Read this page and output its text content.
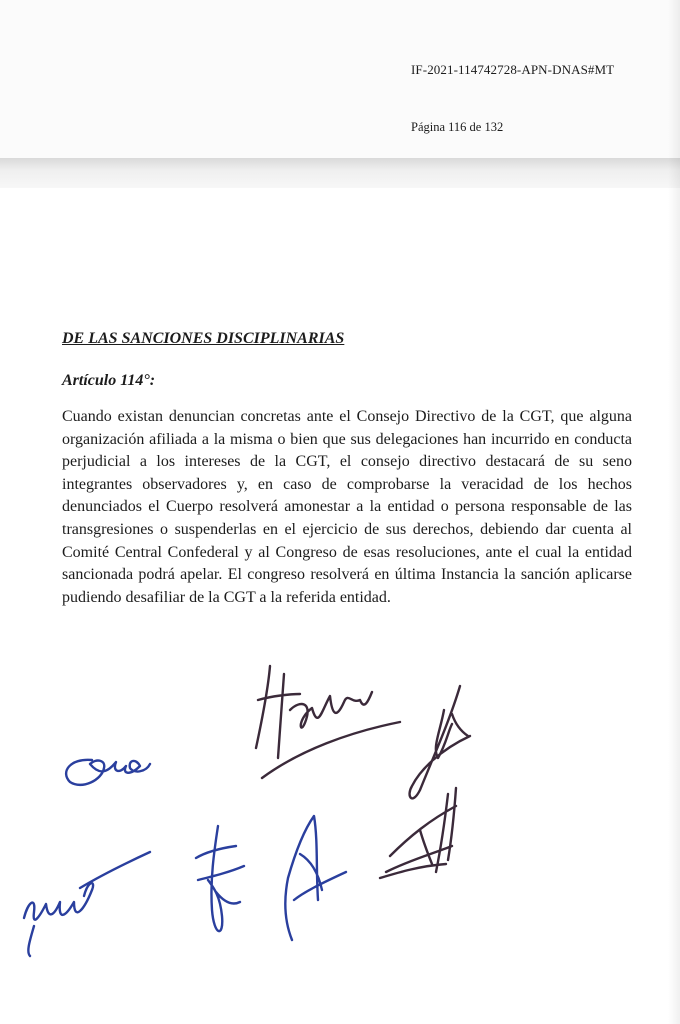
IF-2021-114742728-APN-DNAS#MT
Página 116 de 132
DE LAS SANCIONES DISCIPLINARIAS
Artículo 114°:
Cuando existan denuncian concretas ante el Consejo Directivo de la CGT, que alguna organización afiliada a la misma o bien que sus delegaciones han incurrido en conducta perjudicial a los intereses de la CGT, el consejo directivo destacará de su seno integrantes observadores y, en caso de comprobarse la veracidad de los hechos denunciados el Cuerpo resolverá amonestar a la entidad o persona responsable de las transgresiones o suspenderlas en el ejercicio de sus derechos, debiendo dar cuenta al Comité Central Confederal y al Congreso de esas resoluciones, ante el cual la entidad sancionada podrá apelar. El congreso resolverá en última Instancia la sanción aplicarse pudiendo desafiliar de la CGT a la referida entidad.
